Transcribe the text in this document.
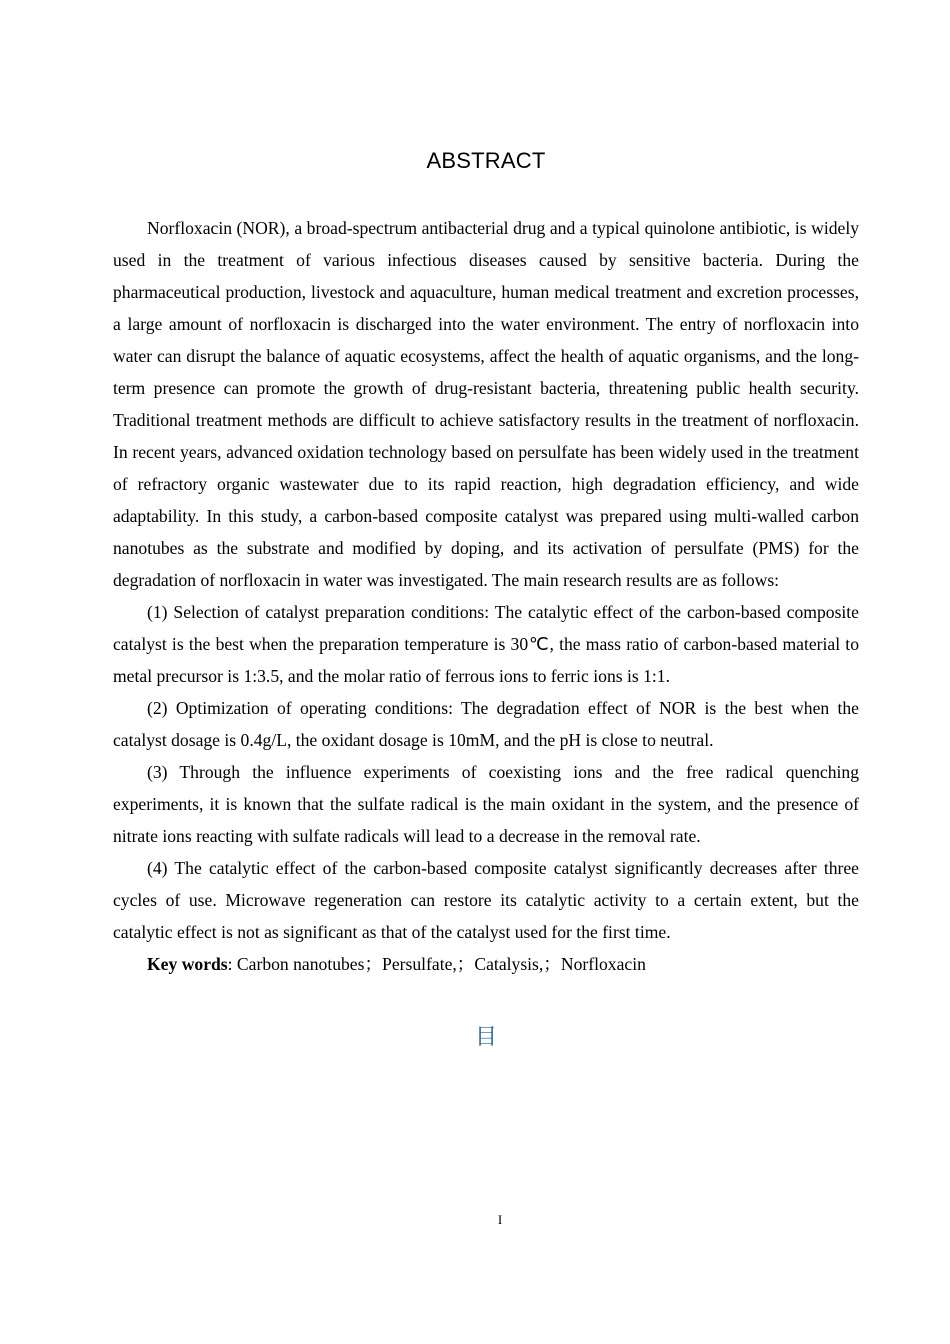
ABSTRACT

Norfloxacin (NOR), a broad-spectrum antibacterial drug and a typical quinolone antibiotic, is widely used in the treatment of various infectious diseases caused by sensitive bacteria. During the pharmaceutical production, livestock and aquaculture, human medical treatment and excretion processes, a large amount of norfloxacin is discharged into the water environment. The entry of norfloxacin into water can disrupt the balance of aquatic ecosystems, affect the health of aquatic organisms, and the long-term presence can promote the growth of drug-resistant bacteria, threatening public health security. Traditional treatment methods are difficult to achieve satisfactory results in the treatment of norfloxacin. In recent years, advanced oxidation technology based on persulfate has been widely used in the treatment of refractory organic wastewater due to its rapid reaction, high degradation efficiency, and wide adaptability. In this study, a carbon-based composite catalyst was prepared using multi-walled carbon nanotubes as the substrate and modified by doping, and its activation of persulfate (PMS) for the degradation of norfloxacin in water was investigated. The main research results are as follows:

(1) Selection of catalyst preparation conditions: The catalytic effect of the carbon-based composite catalyst is the best when the preparation temperature is 30℃, the mass ratio of carbon-based material to metal precursor is 1:3.5, and the molar ratio of ferrous ions to ferric ions is 1:1.

(2) Optimization of operating conditions: The degradation effect of NOR is the best when the catalyst dosage is 0.4g/L, the oxidant dosage is 10mM, and the pH is close to neutral.

(3) Through the influence experiments of coexisting ions and the free radical quenching experiments, it is known that the sulfate radical is the main oxidant in the system, and the presence of nitrate ions reacting with sulfate radicals will lead to a decrease in the removal rate.

(4) The catalytic effect of the carbon-based composite catalyst significantly decreases after three cycles of use. Microwave regeneration can restore its catalytic activity to a certain extent, but the catalytic effect is not as significant as that of the catalyst used for the first time.

Key words: Carbon nanotubes；Persulfate,；Catalysis,；Norfloxacin

目
I
